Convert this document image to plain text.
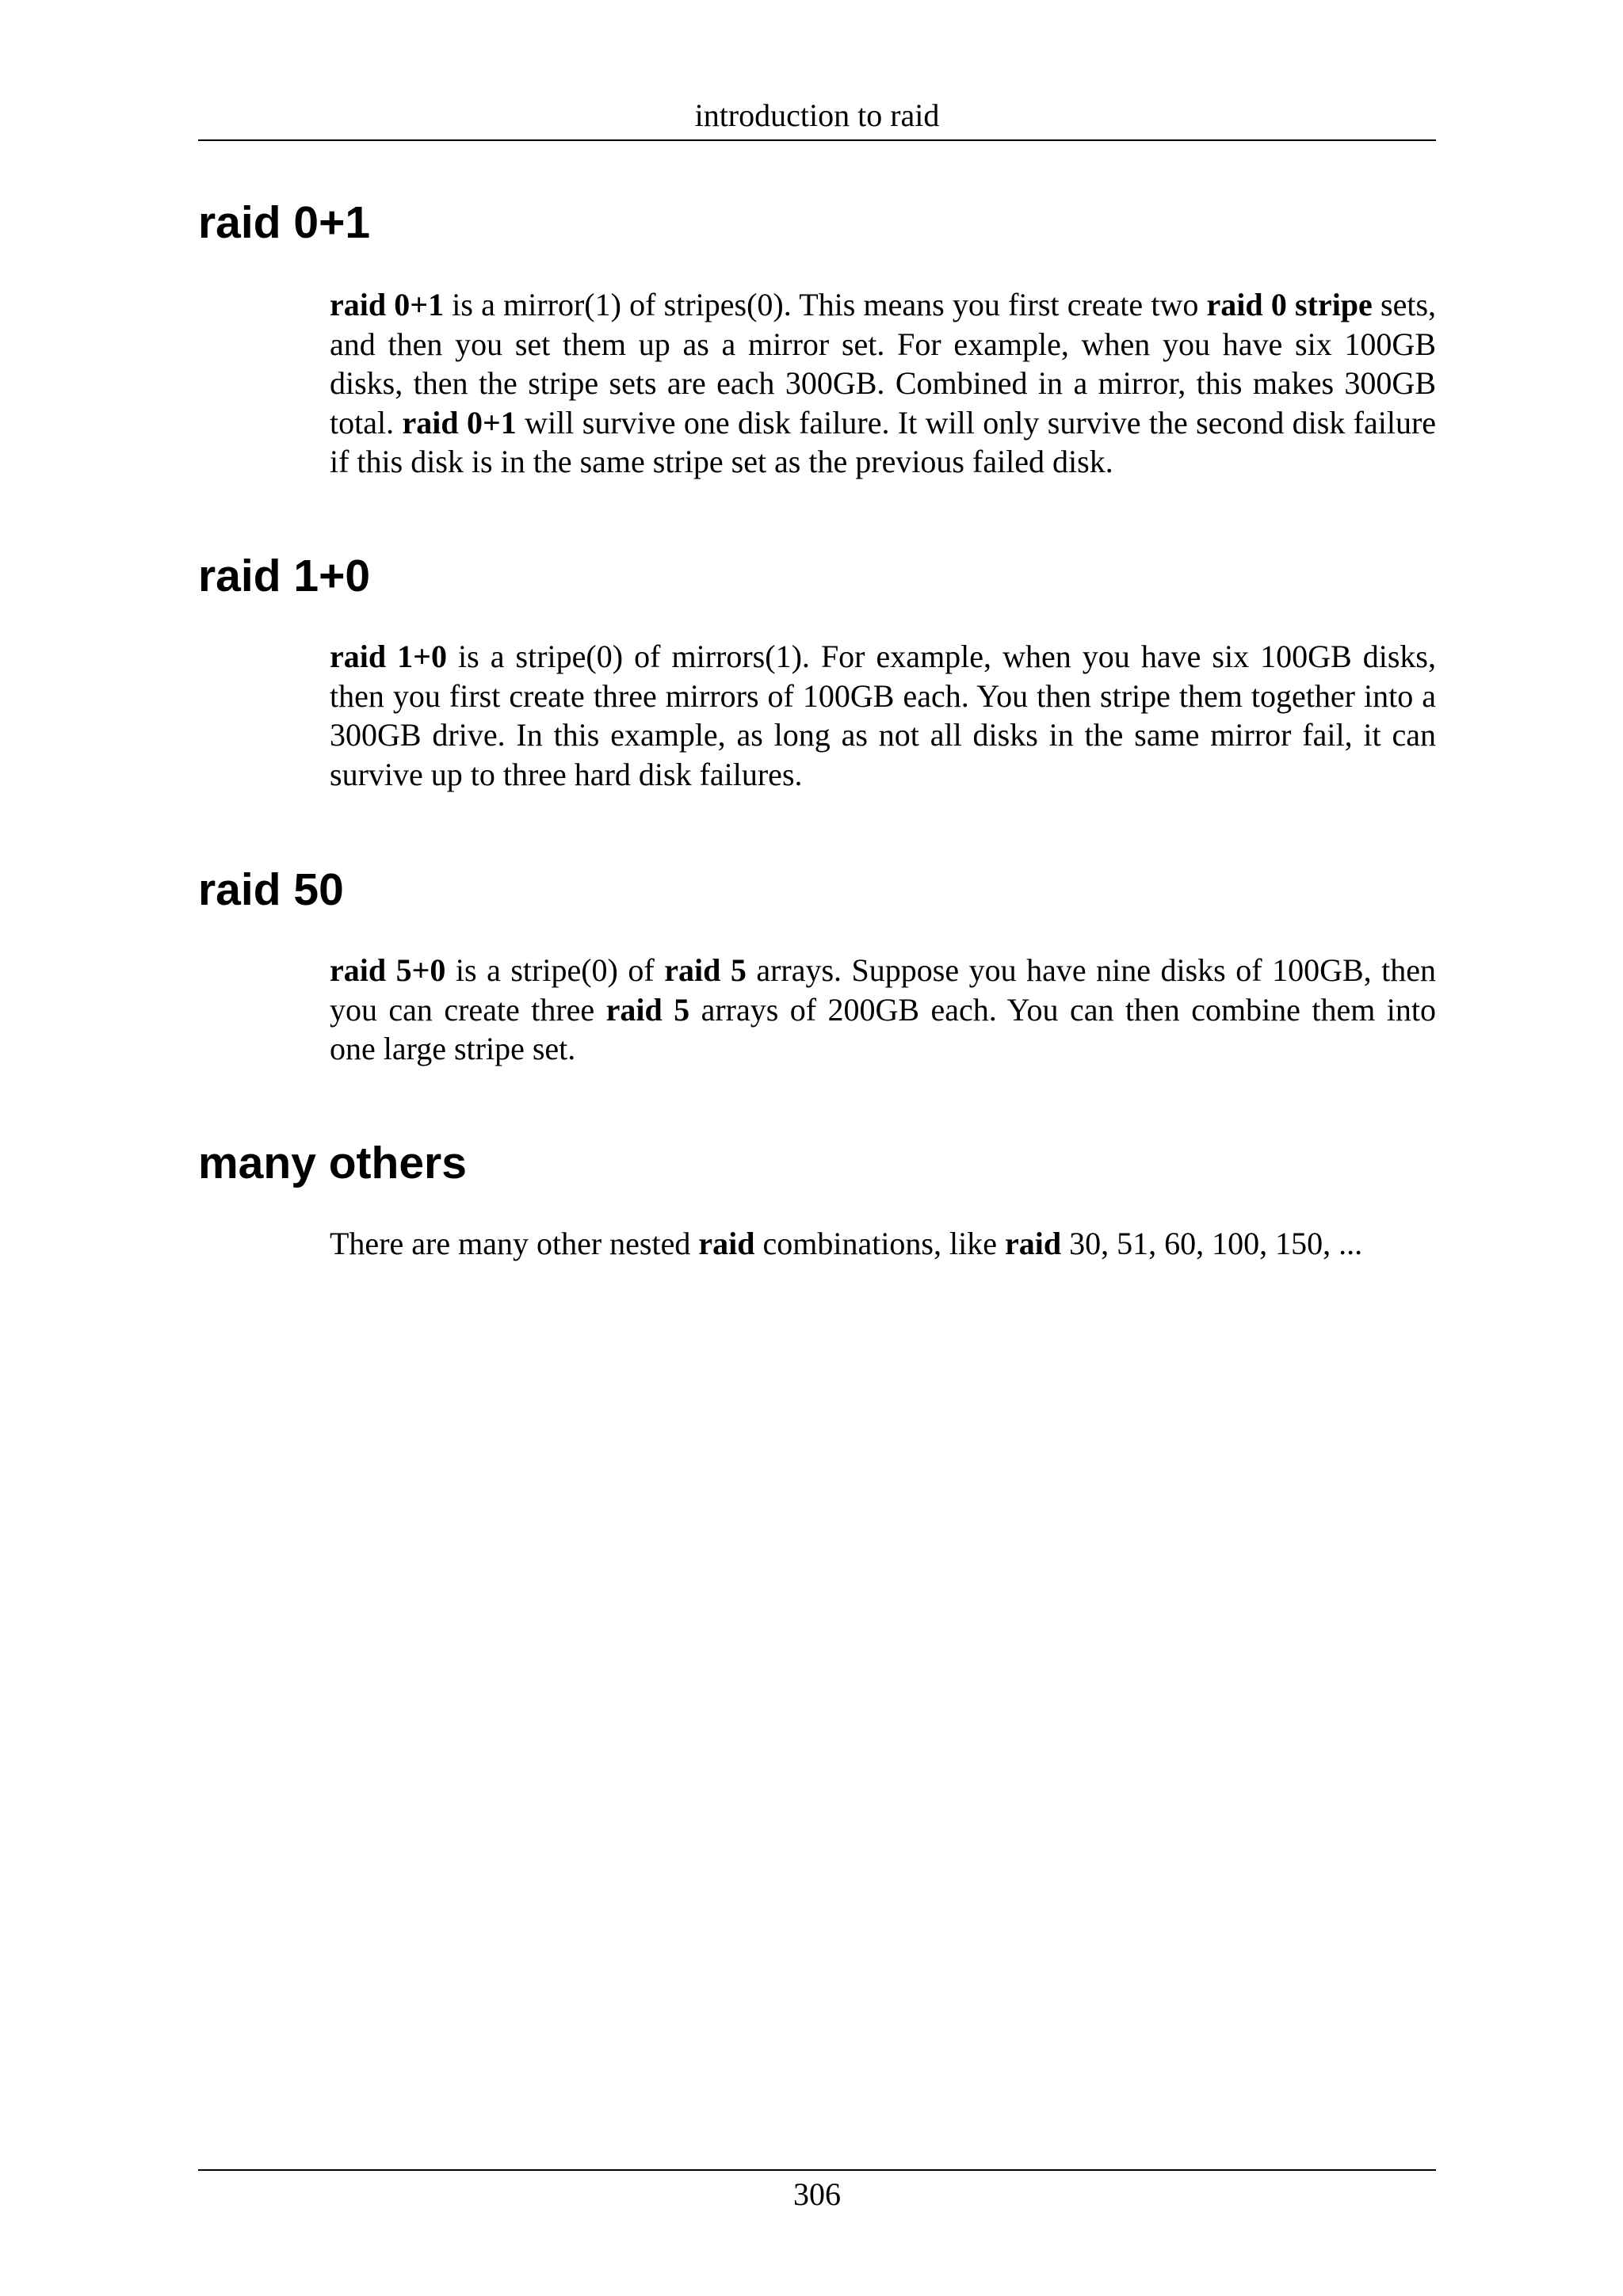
introduction to raid
raid 0+1

raid 0+1 is a mirror(1) of stripes(0). This means you first create two raid 0 stripe sets, and then you set them up as a mirror set. For example, when you have six 100GB disks, then the stripe sets are each 300GB. Combined in a mirror, this makes 300GB total. raid 0+1 will survive one disk failure. It will only survive the second disk failure if this disk is in the same stripe set as the previous failed disk.

raid 1+0

raid 1+0 is a stripe(0) of mirrors(1). For example, when you have six 100GB disks, then you first create three mirrors of 100GB each. You then stripe them together into a 300GB drive. In this example, as long as not all disks in the same mirror fail, it can survive up to three hard disk failures.

raid 50

raid 5+0 is a stripe(0) of raid 5 arrays. Suppose you have nine disks of 100GB, then you can create three raid 5 arrays of 200GB each. You can then combine them into one large stripe set.

many others

There are many other nested raid combinations, like raid 30, 51, 60, 100, 150, ...

306
